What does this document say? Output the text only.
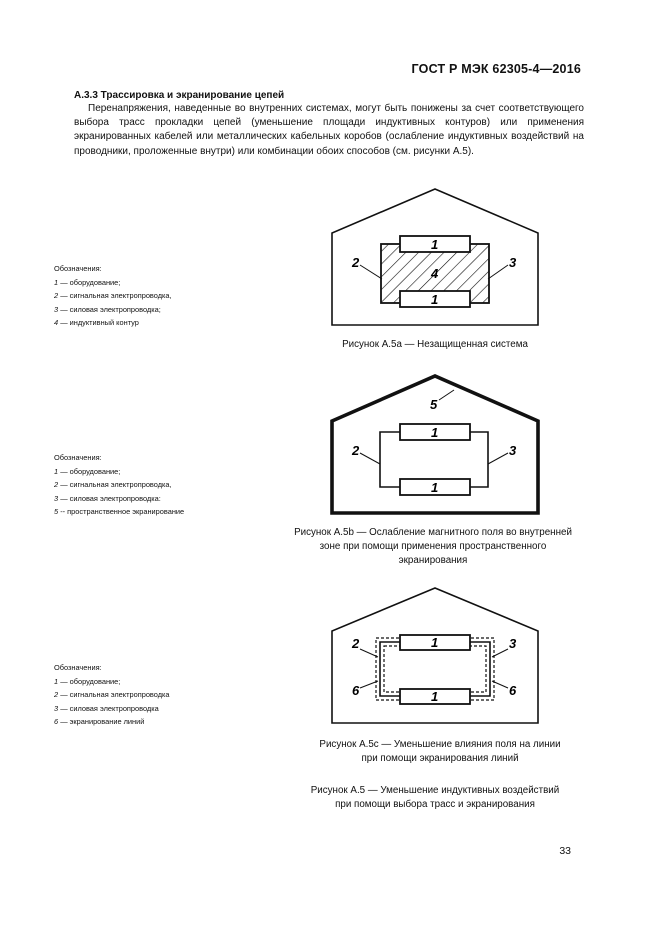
ГОСТ Р МЭК 62305-4—2016
А.3.3 Трассировка и экранирование цепей

Перенапряжения, наведенные во внутренних системах, могут быть понижены за счет соответствующего выбора трасс прокладки цепей (уменьшение площади индуктивных контуров) или применения экранированных кабелей или металлических кабельных коробов (ослабление индуктивных воздействий на проводники, проложенные внутри) или комбинации обоих способов (см. рисунки А.5).

Обозначения:
1 — оборудование;
2 — сигнальная электропроводка,
3 — силовая электропроводка;
4 — индуктивный контур
1
1
4
2	3
Рисунок А.5а — Незащищенная система
Обозначения:
1 — оборудование;
2 — сигнальная электропроводка,
3 — силовая электропроводка:
5 -- пространственное экранирование
1
1
2	3
5
Рисунок А.5b — Ослабление магнитного поля во внутренней
зоне при помощи применения пространственного
экранирования
Обозначения:
1 — оборудование;
2 — сигнальная электропроводка
3 — силовая электропроводка
6 — экранирование линий
1
1
2	3
6	6
Рисунок А.5с — Уменьшение влияния поля на линии
при помощи экранирования линий
Рисунок А.5 — Уменьшение индуктивных воздействий
при помощи выбора трасс и экранирования
33
